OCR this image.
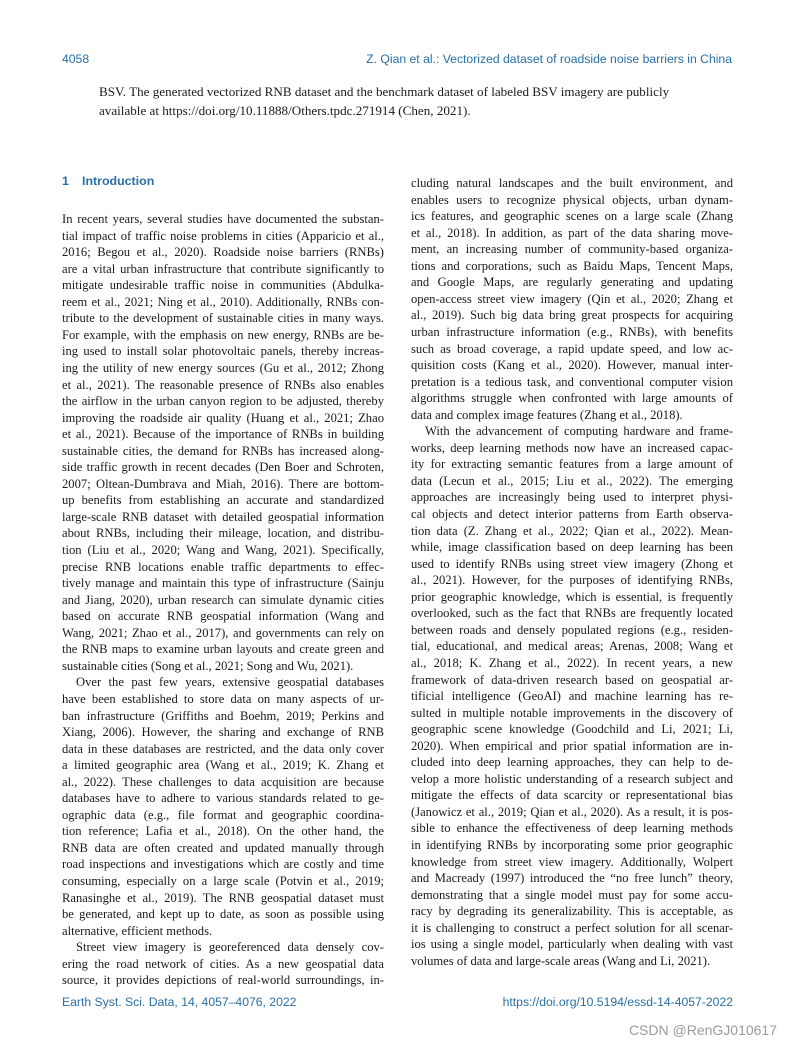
4058	Z. Qian et al.: Vectorized dataset of roadside noise barriers in China
BSV. The generated vectorized RNB dataset and the benchmark dataset of labeled BSV imagery are publicly
available at https://doi.org/10.11888/Others.tpdc.271914 (Chen, 2021).
1 Introduction
In recent years, several studies have documented the substan-
tial impact of traffic noise problems in cities (Apparicio et al.,
2016; Begou et al., 2020). Roadside noise barriers (RNBs)
are a vital urban infrastructure that contribute significantly to
mitigate undesirable traffic noise in communities (Abdulka-
reem et al., 2021; Ning et al., 2010). Additionally, RNBs con-
tribute to the development of sustainable cities in many ways.
For example, with the emphasis on new energy, RNBs are be-
ing used to install solar photovoltaic panels, thereby increas-
ing the utility of new energy sources (Gu et al., 2012; Zhong
et al., 2021). The reasonable presence of RNBs also enables
the airflow in the urban canyon region to be adjusted, thereby
improving the roadside air quality (Huang et al., 2021; Zhao
et al., 2021). Because of the importance of RNBs in building
sustainable cities, the demand for RNBs has increased along-
side traffic growth in recent decades (Den Boer and Schroten,
2007; Oltean-Dumbrava and Miah, 2016). There are bottom-
up benefits from establishing an accurate and standardized
large-scale RNB dataset with detailed geospatial information
about RNBs, including their mileage, location, and distribu-
tion (Liu et al., 2020; Wang and Wang, 2021). Specifically,
precise RNB locations enable traffic departments to effec-
tively manage and maintain this type of infrastructure (Sainju
and Jiang, 2020), urban research can simulate dynamic cities
based on accurate RNB geospatial information (Wang and
Wang, 2021; Zhao et al., 2017), and governments can rely on
the RNB maps to examine urban layouts and create green and
sustainable cities (Song et al., 2021; Song and Wu, 2021).
Over the past few years, extensive geospatial databases
have been established to store data on many aspects of ur-
ban infrastructure (Griffiths and Boehm, 2019; Perkins and
Xiang, 2006). However, the sharing and exchange of RNB
data in these databases are restricted, and the data only cover
a limited geographic area (Wang et al., 2019; K. Zhang et
al., 2022). These challenges to data acquisition are because
databases have to adhere to various standards related to ge-
ographic data (e.g., file format and geographic coordina-
tion reference; Lafia et al., 2018). On the other hand, the
RNB data are often created and updated manually through
road inspections and investigations which are costly and time
consuming, especially on a large scale (Potvin et al., 2019;
Ranasinghe et al., 2019). The RNB geospatial dataset must
be generated, and kept up to date, as soon as possible using
alternative, efficient methods.
Street view imagery is georeferenced data densely cov-
ering the road network of cities. As a new geospatial data
source, it provides depictions of real-world surroundings, in-
cluding natural landscapes and the built environment, and
enables users to recognize physical objects, urban dynam-
ics features, and geographic scenes on a large scale (Zhang
et al., 2018). In addition, as part of the data sharing move-
ment, an increasing number of community-based organiza-
tions and corporations, such as Baidu Maps, Tencent Maps,
and Google Maps, are regularly generating and updating
open-access street view imagery (Qin et al., 2020; Zhang et
al., 2019). Such big data bring great prospects for acquiring
urban infrastructure information (e.g., RNBs), with benefits
such as broad coverage, a rapid update speed, and low ac-
quisition costs (Kang et al., 2020). However, manual inter-
pretation is a tedious task, and conventional computer vision
algorithms struggle when confronted with large amounts of
data and complex image features (Zhang et al., 2018).
With the advancement of computing hardware and frame-
works, deep learning methods now have an increased capac-
ity for extracting semantic features from a large amount of
data (Lecun et al., 2015; Liu et al., 2022). The emerging
approaches are increasingly being used to interpret physi-
cal objects and detect interior patterns from Earth observa-
tion data (Z. Zhang et al., 2022; Qian et al., 2022). Mean-
while, image classification based on deep learning has been
used to identify RNBs using street view imagery (Zhong et
al., 2021). However, for the purposes of identifying RNBs,
prior geographic knowledge, which is essential, is frequently
overlooked, such as the fact that RNBs are frequently located
between roads and densely populated regions (e.g., residen-
tial, educational, and medical areas; Arenas, 2008; Wang et
al., 2018; K. Zhang et al., 2022). In recent years, a new
framework of data-driven research based on geospatial ar-
tificial intelligence (GeoAI) and machine learning has re-
sulted in multiple notable improvements in the discovery of
geographic scene knowledge (Goodchild and Li, 2021; Li,
2020). When empirical and prior spatial information are in-
cluded into deep learning approaches, they can help to de-
velop a more holistic understanding of a research subject and
mitigate the effects of data scarcity or representational bias
(Janowicz et al., 2019; Qian et al., 2020). As a result, it is pos-
sible to enhance the effectiveness of deep learning methods
in identifying RNBs by incorporating some prior geographic
knowledge from street view imagery. Additionally, Wolpert
and Macready (1997) introduced the “no free lunch” theory,
demonstrating that a single model must pay for some accu-
racy by degrading its generalizability. This is acceptable, as
it is challenging to construct a perfect solution for all scenar-
ios using a single model, particularly when dealing with vast
volumes of data and large-scale areas (Wang and Li, 2021).
Earth Syst. Sci. Data, 14, 4057–4076, 2022	https://doi.org/10.5194/essd-14-4057-2022
CSDN @RenGJ010617
